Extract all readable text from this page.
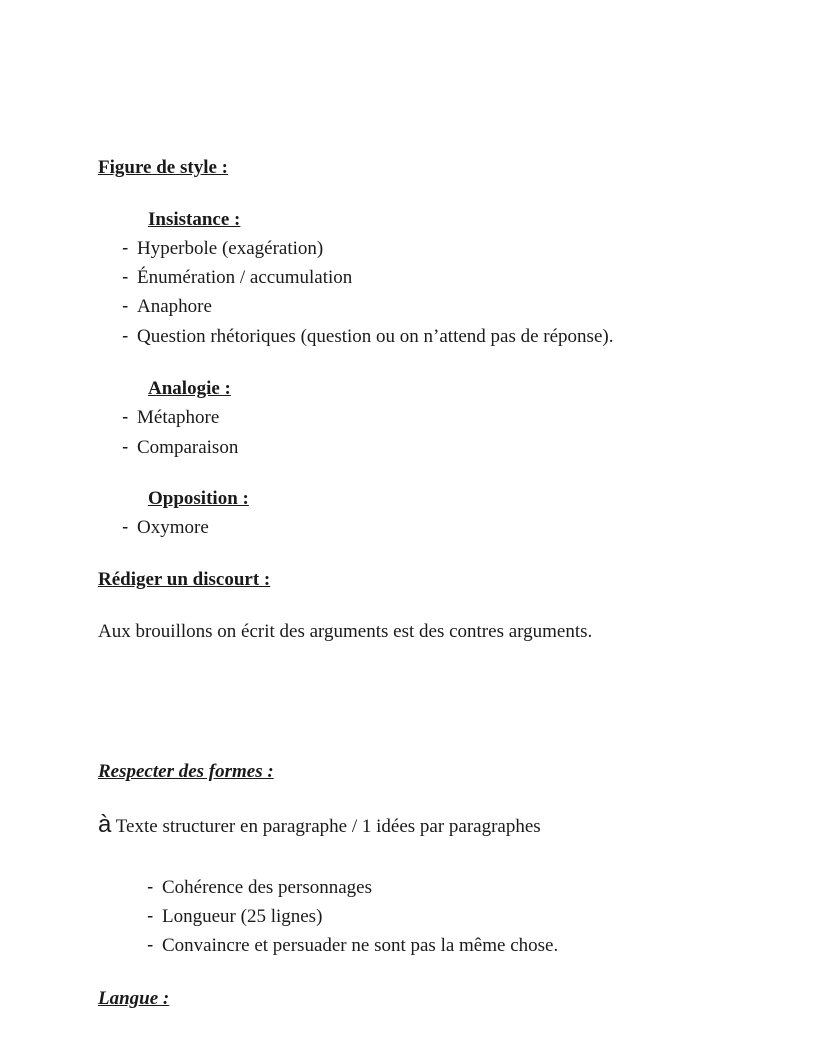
Figure de style :
Insistance :
- Hyperbole (exagération)
- Énumération / accumulation
- Anaphore
- Question rhétoriques (question ou on n’attend pas de réponse).
Analogie :
- Métaphore
- Comparaison
Opposition :
- Oxymore
Rédiger un discourt :
Aux brouillons on écrit des arguments est des contres arguments.
Respecter des formes :
à Texte structurer en paragraphe / 1 idées par paragraphes
- Cohérence des personnages
- Longueur (25 lignes)
- Convaincre et persuader ne sont pas la même chose.
Langue :
